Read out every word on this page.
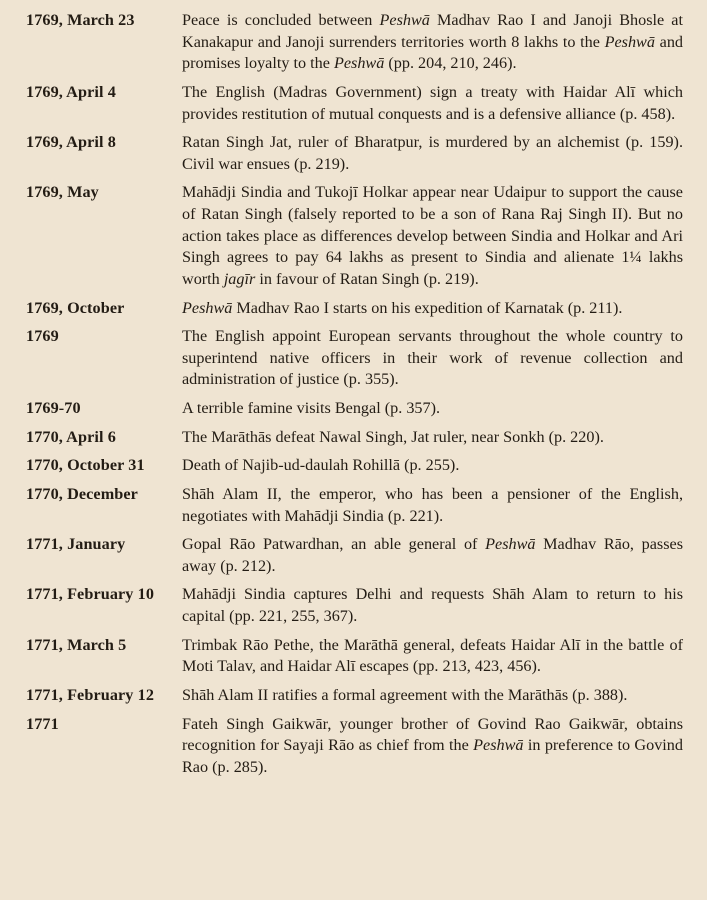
1769, March 23	Peace is concluded between Peshwā Madhav Rao I and Janoji Bhosle at Kanakapur and Janoji surrenders territories worth 8 lakhs to the Peshwā and promises loyalty to the Peshwā (pp. 204, 210, 246).
1769, April 4	The English (Madras Government) sign a treaty with Haidar Alī which provides restitution of mutual conquests and is a defensive alliance (p. 458).
1769, April 8	Ratan Singh Jat, ruler of Bharatpur, is murdered by an alchemist (p. 159). Civil war ensues (p. 219).
1769, May	Mahādji Sindia and Tukojī Holkar appear near Udaipur to support the cause of Ratan Singh (falsely reported to be a son of Rana Raj Singh II). But no action takes place as differences develop between Sindia and Holkar and Ari Singh agrees to pay 64 lakhs as present to Sindia and alienate 1¼ lakhs worth jagīr in favour of Ratan Singh (p. 219).
1769, October	Peshwā Madhav Rao I starts on his expedition of Karnatak (p. 211).
1769	The English appoint European servants throughout the whole country to superintend native officers in their work of revenue collection and administration of justice (p. 355).
1769-70	A terrible famine visits Bengal (p. 357).
1770, April 6	The Marāthās defeat Nawal Singh, Jat ruler, near Sonkh (p. 220).
1770, October 31	Death of Najib-ud-daulah Rohillā (p. 255).
1770, December	Shāh Alam II, the emperor, who has been a pensioner of the English, negotiates with Mahādji Sindia (p. 221).
1771, January	Gopal Rāo Patwardhan, an able general of Peshwā Madhav Rāo, passes away (p. 212).
1771, February 10	Mahādji Sindia captures Delhi and requests Shāh Alam to return to his capital (pp. 221, 255, 367).
1771, March 5	Trimbak Rāo Pethe, the Marāthā general, defeats Haidar Alī in the battle of Moti Talav, and Haidar Alī escapes (pp. 213, 423, 456).
1771, February 12	Shāh Alam II ratifies a formal agreement with the Marāthās (p. 388).
1771	Fateh Singh Gaikwār, younger brother of Govind Rao Gaikwār, obtains recognition for Sayaji Rāo as chief from the Peshwā in preference to Govind Rao (p. 285).
